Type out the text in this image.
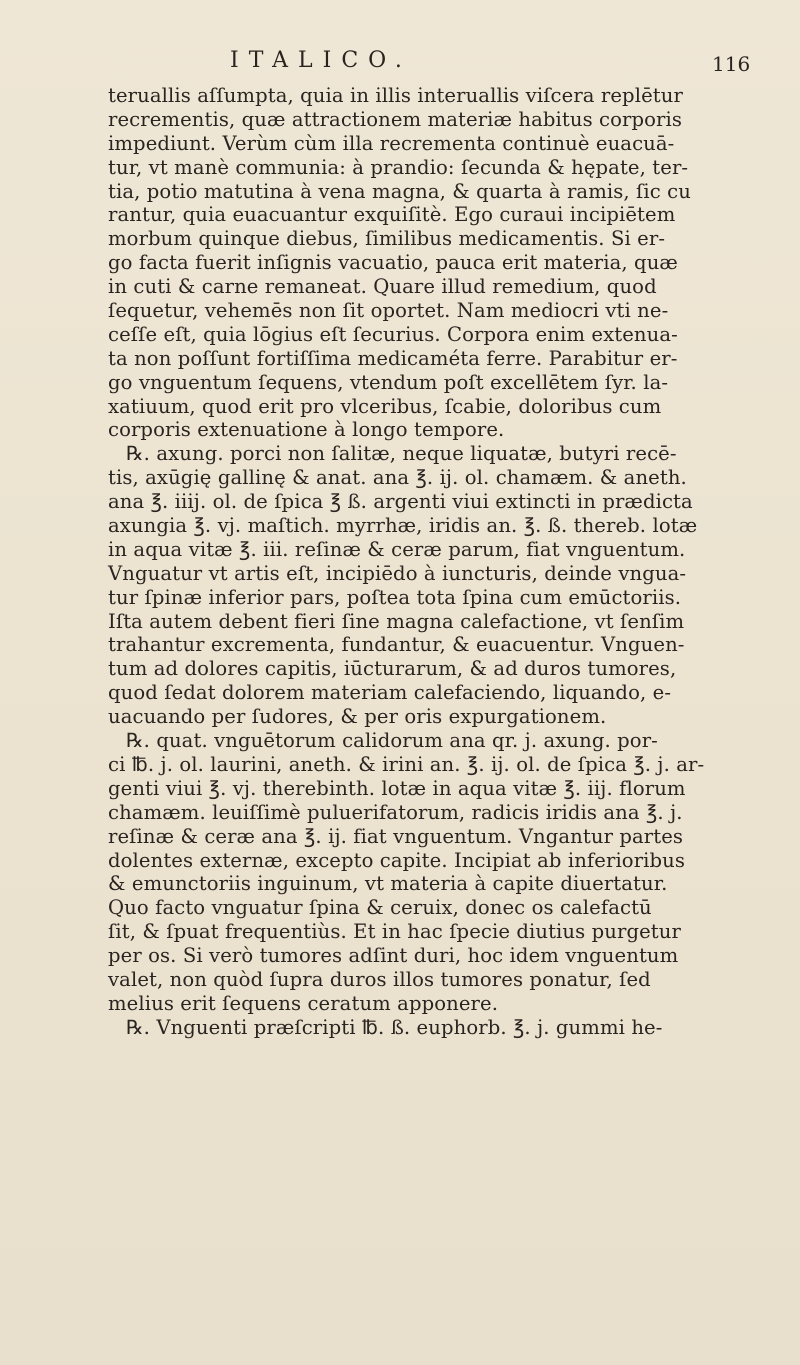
ITALICO.	116
teruallis aſſumpta, quia in illis interuallis viſcera replētur
recrementis, quæ attractionem materiæ habitus corporis
impediunt. Verùm cùm illa recrementa continuè euacuā-
tur, vt manè communia: à prandio: ſecunda & hępate, ter-
tia, potio matutina à vena magna, & quarta à ramis, ſic cu
rantur, quia euacuantur exquiſitè. Ego curaui incipiētem
morbum quinque diebus, ſimilibus medicamentis. Si er-
go facta fuerit inſignis vacuatio, pauca erit materia, quæ
in cuti & carne remaneat. Quare illud remedium, quod
ſequetur, vehemēs non ſit oportet. Nam mediocri vti ne-
ceſſe eſt, quia lōgius eſt ſecurius. Corpora enim extenua-
ta non poſſunt fortiſſima medicaméta ferre. Parabitur er-
go vnguentum ſequens, vtendum poſt excellētem ſyr. la-
xatiuum, quod erit pro vlceribus, ſcabie, doloribus cum
corporis extenuatione à longo tempore.
℞. axung. porci non ſalitæ, neque liquatæ, butyri recē-
tis, axūgię gallinę & anat. ana ℥. ij. ol. chamæm. & aneth.
ana ℥. iiij. ol. de ſpica ℥ ß. argenti viui extincti in prædicta
axungia ℥. vj. maſtich. myrrhæ, iridis an. ℥. ß. thereb. lotæ
in aqua vitæ ℥. iii. reſinæ & ceræ parum, fiat vnguentum.
Vnguatur vt artis eſt, incipiēdo à iuncturis, deinde vngua-
tur ſpinæ inferior pars, poſtea tota ſpina cum emūctoriis.
Iſta autem debent fieri ſine magna calefactione, vt ſenſim
trahantur excrementa, fundantur, & euacuentur. Vnguen-
tum ad dolores capitis, iūcturarum, & ad duros tumores,
quod ſedat dolorem materiam calefaciendo, liquando, e-
uacuando per ſudores, & per oris expurgationem.
℞. quat. vnguētorum calidorum ana qr. j. axung. por-
ci ℔. j. ol. laurini, aneth. & irini an. ℥. ij. ol. de ſpica ℥. j. ar-
genti viui ℥. vj. therebinth. lotæ in aqua vitæ ℥. iij. florum
chamæm. leuiſſimè puluerifatorum, radicis iridis ana ℥. j.
reſinæ & ceræ ana ℥. ij. fiat vnguentum. Vngantur partes
dolentes externæ, excepto capite. Incipiat ab inferioribus
& emunctoriis inguinum, vt materia à capite diuertatur.
Quo facto vnguatur ſpina & ceruix, donec os calefactū
ſit, & ſpuat frequentiùs. Et in hac ſpecie diutius purgetur
per os. Si verò tumores adſint duri, hoc idem vnguentum
valet, non quòd ſupra duros illos tumores ponatur, ſed
melius erit ſequens ceratum apponere.
℞. Vnguenti præſcripti ℔. ß. euphorb. ℥. j. gummi he-
